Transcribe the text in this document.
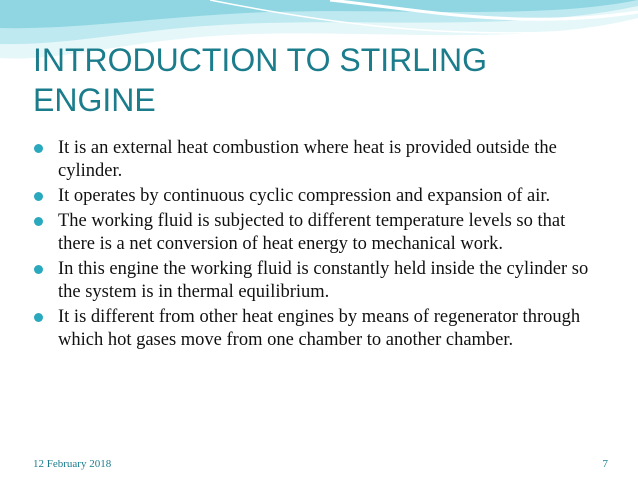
INTRODUCTION TO STIRLING
ENGINE
It is an external heat combustion where heat is provided outside the cylinder.
It operates by continuous cyclic compression and expansion of air.
The working fluid is subjected to different temperature levels so that there is a net conversion of heat energy to mechanical work.
In this engine the working fluid is constantly held inside the cylinder so the system is in thermal equilibrium.
It is different from other heat engines by means of regenerator through which hot gases move from one chamber to another chamber.
12 February 2018	7
